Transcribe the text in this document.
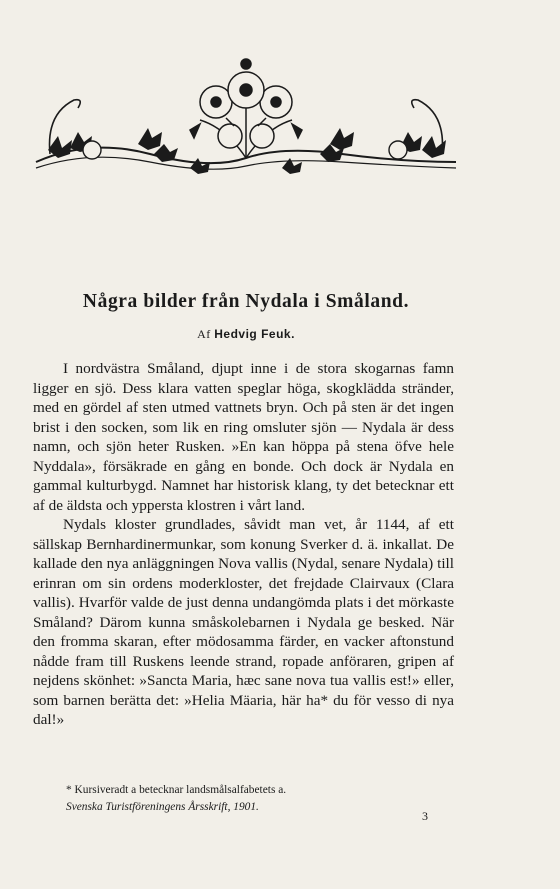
Några bilder från Nydala i Småland.
Af Hedvig Feuk.

I nordvästra Småland, djupt inne i de stora skogarnas famn ligger en sjö. Dess klara vatten speglar höga, skogklädda stränder, med en gördel af sten utmed vattnets bryn. Och på sten är det ingen brist i den socken, som lik en ring omsluter sjön — Nydala är dess namn, och sjön heter Rusken. »En kan höppa på stena öfve hele Nyddala», försäkrade en gång en bonde. Och dock är Nydala en gammal kulturbygd. Namnet har historisk klang, ty det betecknar ett af de äldsta och yppersta klostren i vårt land.

Nydals kloster grundlades, såvidt man vet, år 1144, af ett sällskap Bernhardinermunkar, som konung Sverker d. ä. inkallat. De kallade den nya anläggningen Nova vallis (Nydal, senare Nydala) till erinran om sin ordens moderkloster, det frejdade Clairvaux (Clara vallis). Hvarför valde de just denna undangömda plats i det mörkaste Småland? Därom kunna småskolebarnen i Nydala ge besked. När den fromma skaran, efter mödosamma färder, en vacker aftonstund nådde fram till Ruskens leende strand, ropade anföraren, gripen af nejdens skönhet: »Sancta Maria, hæc sane nova tua vallis est!» eller, som barnen berätta det: »Helia Mäaria, här ha* du för vesso di nya dal!»

* Kursiveradt a betecknar landsmålsalfabetets a.
Svenska Turistföreningens Årsskrift, 1901.
3
